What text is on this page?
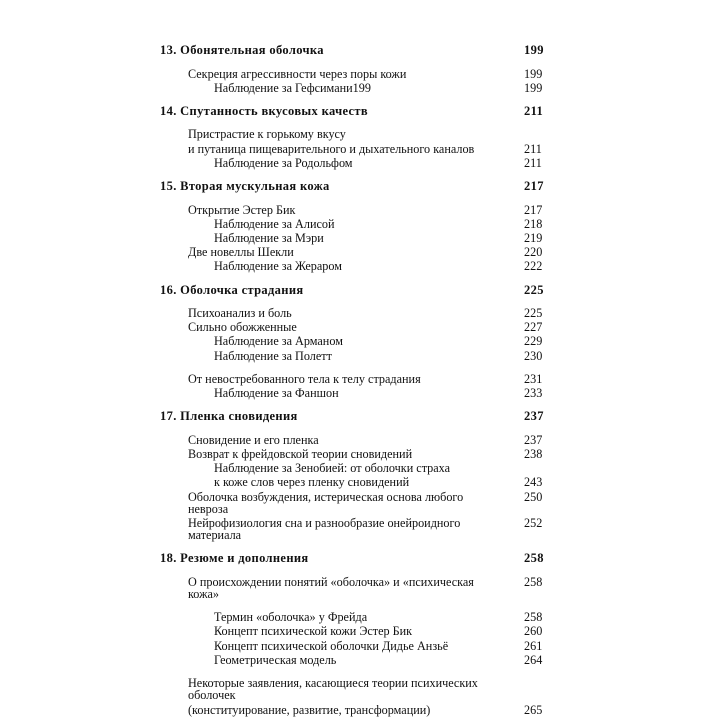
13. Обонятельная оболочка	199
Секреция агрессивности через поры кожи	199
Наблюдение за Гефсимани199	199
14. Спутанность вкусовых качеств	211
Пристрастие к горькому вкусу	
и путаница пищеварительного и дыхательного каналов	211
Наблюдение за Родольфом	211
15. Вторая мускульная кожа	217
Открытие Эстер Бик	217
Наблюдение за Алисой	218
Наблюдение за Мэри	219
Две новеллы Шекли	220
Наблюдение за Жераром	222
16. Оболочка страдания	225
Психоанализ и боль	225
Сильно обожженные	227
Наблюдение за Арманом	229
Наблюдение за Полетт	230
От невостребованного тела к телу страдания	231
Наблюдение за Фаншон	233
17. Пленка сновидения	237
Сновидение и его пленка	237
Возврат к фрейдовской теории сновидений	238
Наблюдение за Зенобией: от оболочки страха	
к коже слов через пленку сновидений	243
Оболочка возбуждения, истерическая основа любого невроза	250
Нейрофизиология сна и разнообразие онейроидного материала	252
18. Резюме и дополнения	258
О происхождении понятий «оболочка» и «психическая кожа»	258
Термин «оболочка» у Фрейда	258
Концепт психической кожи Эстер Бик	260
Концепт психической оболочки Дидье Анзьё	261
Геометрическая модель	264
Некоторые заявления, касающиеся теории психических оболочек	
(конституирование, развитие, трансформации)	265
